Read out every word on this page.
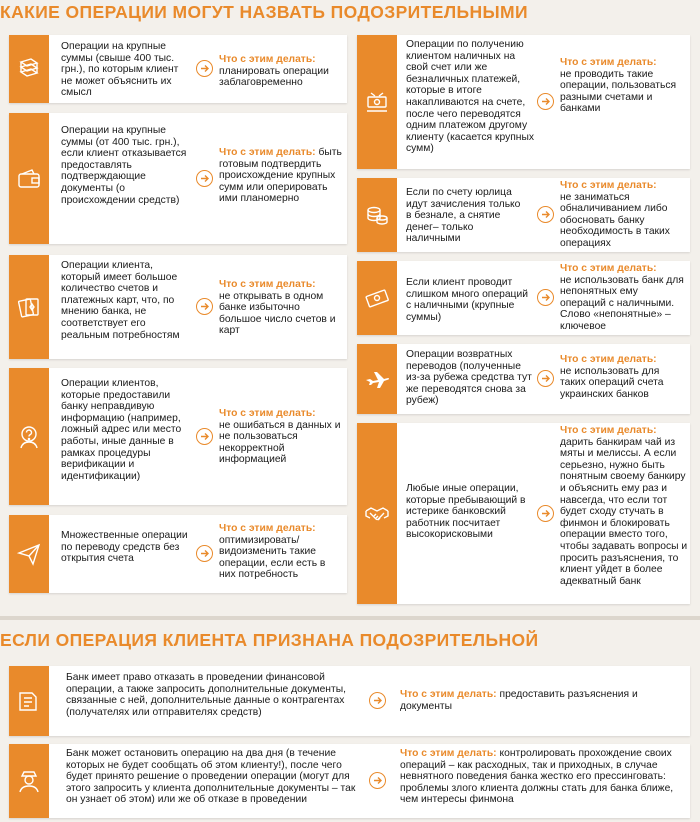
КАКИЕ ОПЕРАЦИИ МОГУТ НАЗВАТЬ ПОДОЗРИТЕЛЬНЫМИ
Операции на крупные суммы (свыше 400 тыс. грн.), по которым клиент не может объяснить их смысл
Что с этим делать:
планировать операции заблаговременно
Операции на крупные суммы (от 400 тыс. грн.), если клиент отказывается предоставлять подтверждающие документы (о происхождении средств)
Что с этим делать: быть готовым подтвердить происхождение крупных сумм или оперировать ими планомерно
Операции клиента, который имеет большое количество счетов и платежных карт, что, по мнению банка, не соответствует его реальным потребностям
Что с этим делать:
не открывать в одном банке избыточно большое число счетов и карт
Операции клиентов, которые предоставили банку неправдивую информацию (например, ложный адрес или место работы, иные данные в рамках процедуры верификации и идентификации)
Что с этим делать:
не ошибаться в данных и не пользоваться некорректной информацией
Множественные операции по переводу средств без открытия счета
Что с этим делать:
оптимизировать/видоизменить такие операции, если есть в них потребность
Операции по получению клиентом наличных на свой счет или же безналичных платежей, которые в итоге накапливаются на счете, после чего переводятся одним платежом другому клиенту (касается крупных сумм)
Что с этим делать:
не проводить такие операции, пользоваться разными счетами и банками
Если по счету юрлица идут зачисления только в безнале, а снятие денег– только наличными
Что с этим делать:
не заниматься обналичиванием либо обосновать банку необходимость в таких операциях
Если клиент проводит слишком много операций с наличными (крупные суммы)
Что с этим делать:
не использовать банк для непонятных ему операций с наличными. Слово «непонятные» – ключевое
Операции возвратных переводов (полученные из-за рубежа средства тут же переводятся снова за рубеж)
Что с этим делать:
не использовать для таких операций счета украинских банков
Любые иные операции, которые пребывающий в истерике банковский работник посчитает высокорисковыми
Что с этим делать:
дарить банкирам чай из мяты и мелиссы. А если серьезно, нужно быть понятным своему банкиру и объяснить ему раз и навсегда, что если тот будет сходу стучать в финмон и блокировать операции вместо того, чтобы задавать вопросы и просить разъяснения, то клиент уйдет в более адекватный банк
ЕСЛИ ОПЕРАЦИЯ КЛИЕНТА ПРИЗНАНА ПОДОЗРИТЕЛЬНОЙ
Банк имеет право отказать в проведении финансовой операции, а также запросить дополнительные документы, связанные с ней, дополнительные данные о контрагентах (получателях или отправителях средств)
Что с этим делать: предоставить разъяснения и документы
Банк может остановить операцию на два дня (в течение которых не будет сообщать об этом клиенту!), после чего будет принято решение о проведении операции (могут для этого запросить у клиента дополнительные документы – так он узнает об этом) или же об отказе в проведении
Что с этим делать: контролировать прохождение своих операций – как расходных, так и приходных, в случае невнятного поведения банка жестко его прессинговать: проблемы злого клиента должны стать для банка ближе, чем интересы финмона
